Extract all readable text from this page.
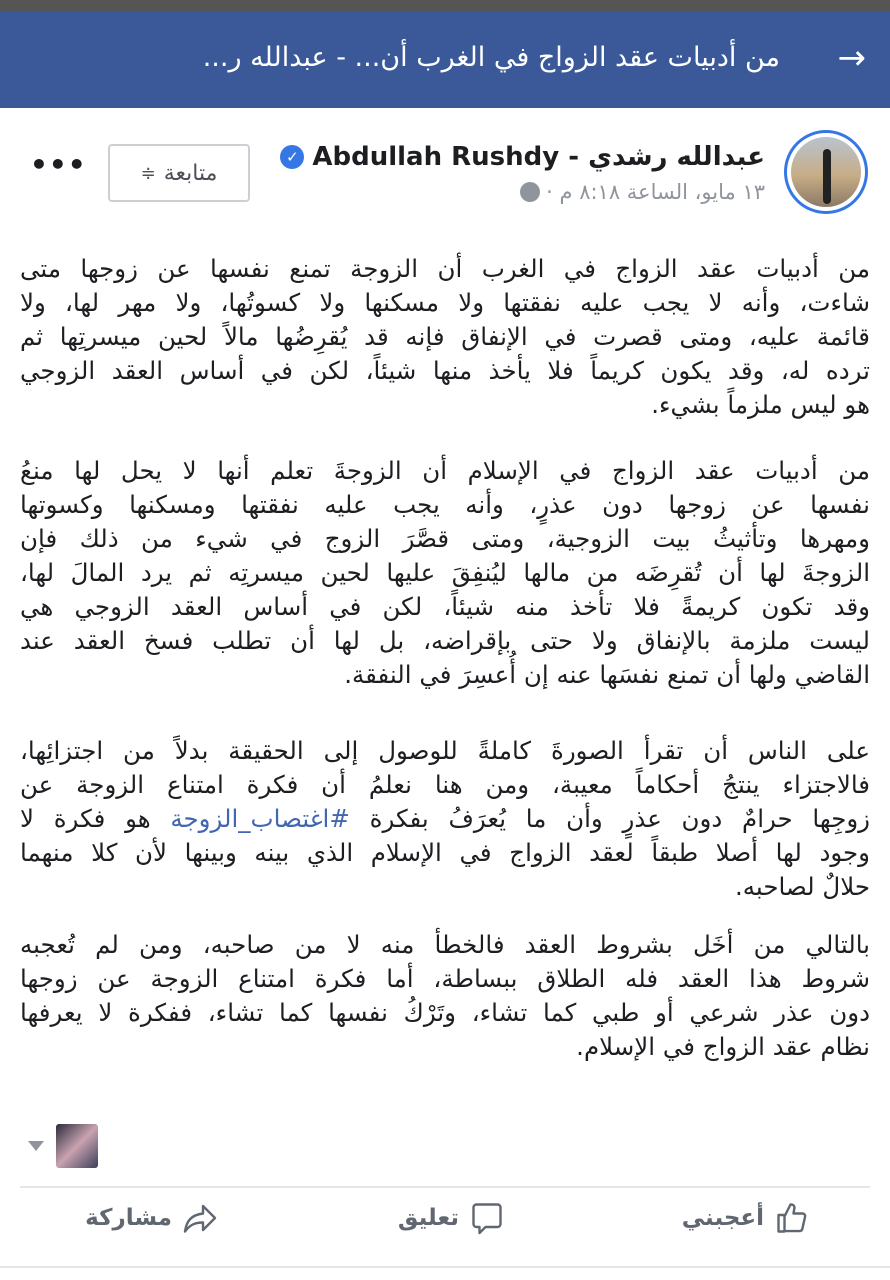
→
من أدبيات عقد الزواج في الغرب أن... - عبدالله ر...
عبدالله رشدي - Abdullah Rushdy
✓
١٣ مايو، الساعة ٨:١٨ م ·
متابعة
≑
•••
من أدبيات عقد الزواج في الغرب أن الزوجة تمنع نفسها عن زوجها متى
شاءت، وأنه لا يجب عليه نفقتها ولا مسكنها ولا كسوتُها، ولا مهر لها، ولا
قائمة عليه، ومتى قصرت في الإنفاق فإنه قد يُقرِضُها مالاً لحين ميسرتِها ثم
ترده له، وقد يكون كريماً فلا يأخذ منها شيئاً، لكن في أساس العقد الزوجي
هو ليس ملزماً بشيء.
من أدبيات عقد الزواج في الإسلام أن الزوجةَ تعلم أنها لا يحل لها منعُ
نفسها عن زوجها دون عذرٍ، وأنه يجب عليه نفقتها ومسكنها وكسوتها
ومهرها وتأثيثُ بيت الزوجية، ومتى قصَّرَ الزوج في شيء من ذلك فإن
الزوجةَ لها أن تُقرِضَه من مالها ليُنفِقَ عليها لحين ميسرتِه ثم يرد المالَ لها،
وقد تكون كريمةً فلا تأخذ منه شيئاً، لكن في أساس العقد الزوجي هي
ليست ملزمة بالإنفاق ولا حتى بإقراضه، بل لها أن تطلب فسخ العقد عند
القاضي ولها أن تمنع نفسَها عنه إن أُعسِرَ في النفقة.
على الناس أن تقرأ الصورةَ كاملةً للوصول إلى الحقيقة بدلاً من اجتزائِها،
فالاجتزاء ينتجُ أحكاماً معيبة، ومن هنا نعلمُ أن فكرة امتناع الزوجة عن
زوجِها حرامٌ دون عذرٍ وأن ما يُعرَفُ بفكرة #اغتصاب_الزوجة هو فكرة لا
وجود لها أصلا طبقاً لعقد الزواج في الإسلام الذي بينه وبينها لأن كلا منهما
حلالٌ لصاحبه.
بالتالي من أخَل بشروط العقد فالخطأ منه لا من صاحبه، ومن لم تُعجبه
شروط هذا العقد فله الطلاق ببساطة، أما فكرة امتناع الزوجة عن زوجها
دون عذر شرعي أو طبي كما تشاء، وتَرْكُ نفسها كما تشاء، ففكرة لا يعرفها
نظام عقد الزواج في الإسلام.
أعجبني
تعليق
مشاركة
